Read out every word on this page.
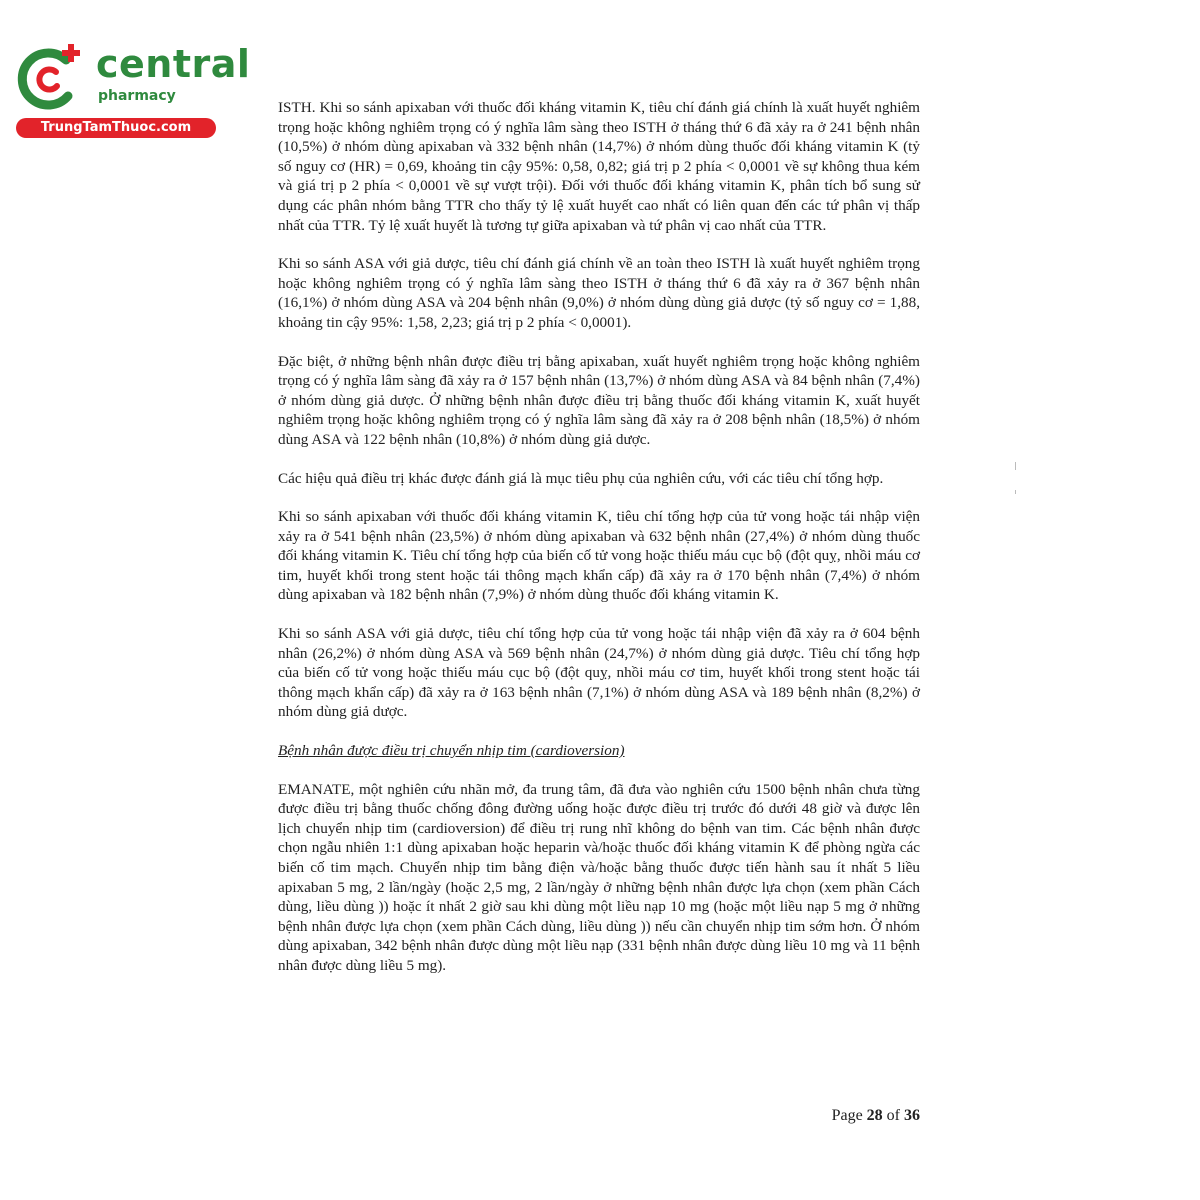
central
pharmacy
TrungTamThuoc.com

ISTH. Khi so sánh apixaban với thuốc đối kháng vitamin K, tiêu chí đánh giá chính là xuất huyết nghiêm trọng hoặc không nghiêm trọng có ý nghĩa lâm sàng theo ISTH ở tháng thứ 6 đã xảy ra ở 241 bệnh nhân (10,5%) ở nhóm dùng apixaban và 332 bệnh nhân (14,7%) ở nhóm dùng thuốc đối kháng vitamin K (tỷ số nguy cơ (HR) = 0,69, khoảng tin cậy 95%: 0,58, 0,82; giá trị p 2 phía < 0,0001 về sự không thua kém và giá trị p 2 phía < 0,0001 về sự vượt trội). Đối với thuốc đối kháng vitamin K, phân tích bổ sung sử dụng các phân nhóm bằng TTR cho thấy tỷ lệ xuất huyết cao nhất có liên quan đến các tứ phân vị thấp nhất của TTR. Tỷ lệ xuất huyết là tương tự giữa apixaban và tứ phân vị cao nhất của TTR.

Khi so sánh ASA với giả dược, tiêu chí đánh giá chính về an toàn theo ISTH là xuất huyết nghiêm trọng hoặc không nghiêm trọng có ý nghĩa lâm sàng theo ISTH ở tháng thứ 6 đã xảy ra ở 367 bệnh nhân (16,1%) ở nhóm dùng ASA và 204 bệnh nhân (9,0%) ở nhóm dùng dùng giả dược (tỷ số nguy cơ = 1,88, khoảng tin cậy 95%: 1,58, 2,23; giá trị p 2 phía < 0,0001).

Đặc biệt, ở những bệnh nhân được điều trị bằng apixaban, xuất huyết nghiêm trọng hoặc không nghiêm trọng có ý nghĩa lâm sàng đã xảy ra ở 157 bệnh nhân (13,7%) ở nhóm dùng ASA và 84 bệnh nhân (7,4%) ở nhóm dùng giả dược. Ở những bệnh nhân được điều trị bằng thuốc đối kháng vitamin K, xuất huyết nghiêm trọng hoặc không nghiêm trọng có ý nghĩa lâm sàng đã xảy ra ở 208 bệnh nhân (18,5%) ở nhóm dùng ASA và 122 bệnh nhân (10,8%) ở nhóm dùng giả dược.

Các hiệu quả điều trị khác được đánh giá là mục tiêu phụ của nghiên cứu, với các tiêu chí tổng hợp.

Khi so sánh apixaban với thuốc đối kháng vitamin K, tiêu chí tổng hợp của tử vong hoặc tái nhập viện xảy ra ở 541 bệnh nhân (23,5%) ở nhóm dùng apixaban và 632 bệnh nhân (27,4%) ở nhóm dùng thuốc đối kháng vitamin K. Tiêu chí tổng hợp của biến cố tử vong hoặc thiếu máu cục bộ (đột quỵ, nhồi máu cơ tim, huyết khối trong stent hoặc tái thông mạch khẩn cấp) đã xảy ra ở 170 bệnh nhân (7,4%) ở nhóm dùng apixaban và 182 bệnh nhân (7,9%) ở nhóm dùng thuốc đối kháng vitamin K.

Khi so sánh ASA với giả dược, tiêu chí tổng hợp của tử vong hoặc tái nhập viện đã xảy ra ở 604 bệnh nhân (26,2%) ở nhóm dùng ASA và 569 bệnh nhân (24,7%) ở nhóm dùng giả dược. Tiêu chí tổng hợp của biến cố tử vong hoặc thiếu máu cục bộ (đột quỵ, nhồi máu cơ tim, huyết khối trong stent hoặc tái thông mạch khẩn cấp) đã xảy ra ở 163 bệnh nhân (7,1%) ở nhóm dùng ASA và 189 bệnh nhân (8,2%) ở nhóm dùng giả dược.

Bệnh nhân được điều trị chuyển nhịp tim (cardioversion)

EMANATE, một nghiên cứu nhãn mở, đa trung tâm, đã đưa vào nghiên cứu 1500 bệnh nhân chưa từng được điều trị bằng thuốc chống đông đường uống hoặc được điều trị trước đó dưới 48 giờ và được lên lịch chuyển nhịp tim (cardioversion) để điều trị rung nhĩ không do bệnh van tim. Các bệnh nhân được chọn ngẫu nhiên 1:1 dùng apixaban hoặc heparin và/hoặc thuốc đối kháng vitamin K để phòng ngừa các biến cố tim mạch. Chuyển nhịp tim bằng điện và/hoặc bằng thuốc được tiến hành sau ít nhất 5 liều apixaban 5 mg, 2 lần/ngày (hoặc 2,5 mg, 2 lần/ngày ở những bệnh nhân được lựa chọn (xem phần Cách dùng, liều dùng )) hoặc ít nhất 2 giờ sau khi dùng một liều nạp 10 mg (hoặc một liều nạp 5 mg ở những bệnh nhân được lựa chọn (xem phần Cách dùng, liều dùng )) nếu cần chuyển nhịp tim sớm hơn. Ở nhóm dùng apixaban, 342 bệnh nhân được dùng một liều nạp (331 bệnh nhân được dùng liều 10 mg và 11 bệnh nhân được dùng liều 5 mg).

Page 28 of 36
